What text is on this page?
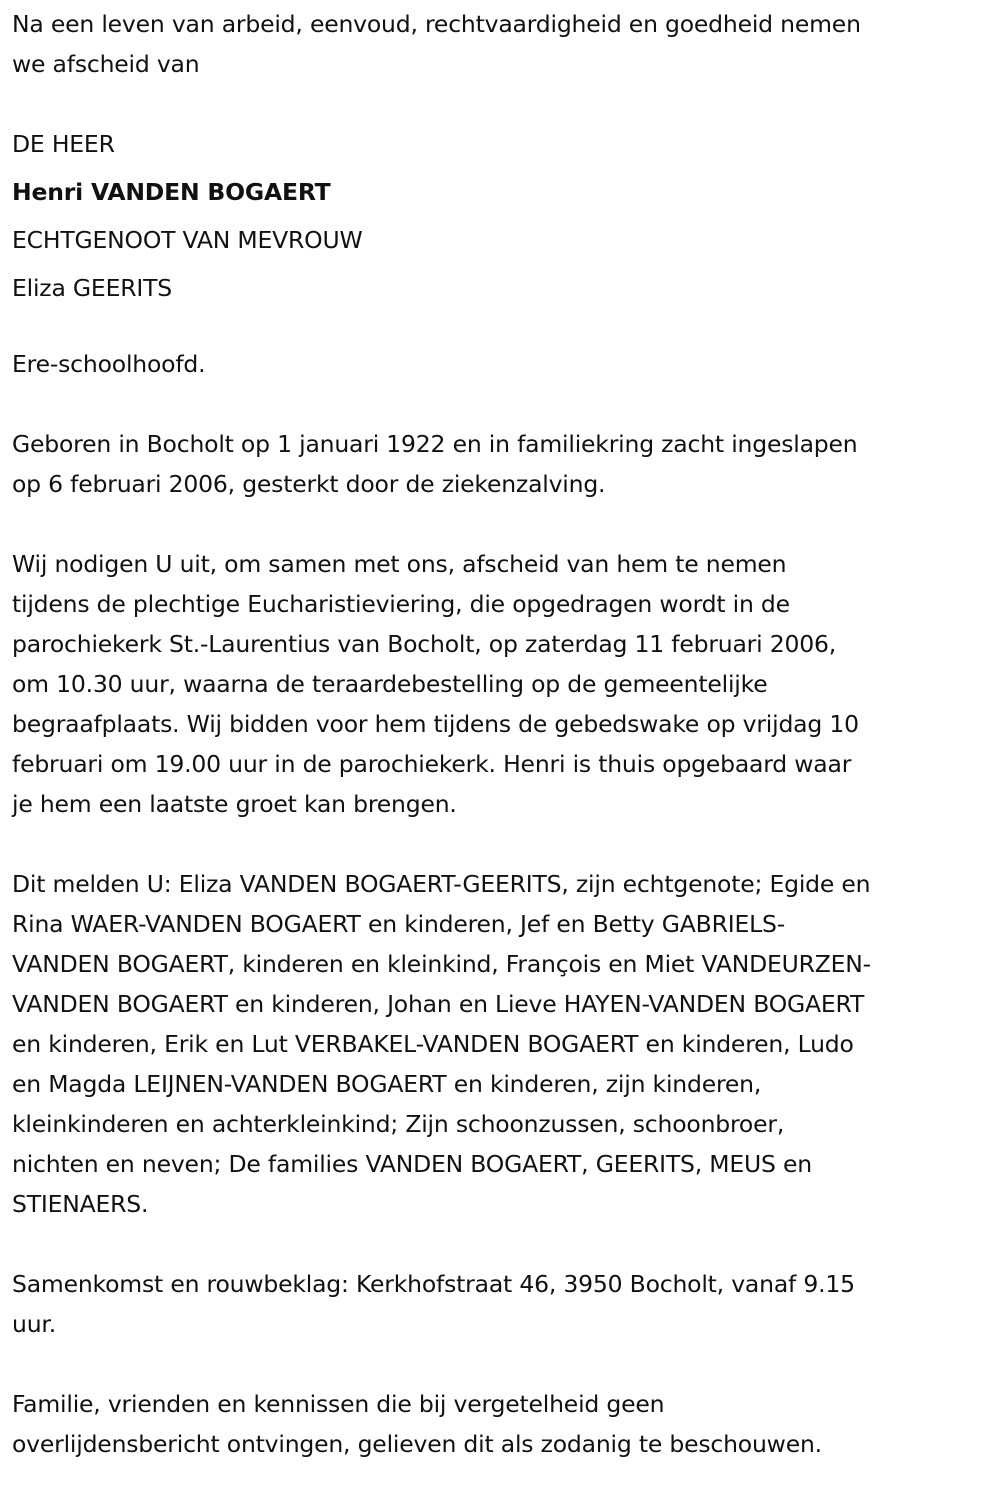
Na een leven van arbeid, eenvoud, rechtvaardigheid en goedheid nemen
we afscheid van

DE HEER

Henri VANDEN BOGAERT

ECHTGENOOT VAN MEVROUW

Eliza GEERITS

Ere-schoolhoofd.

Geboren in Bocholt op 1 januari 1922 en in familiekring zacht ingeslapen
op 6 februari 2006, gesterkt door de ziekenzalving.

Wij nodigen U uit, om samen met ons, afscheid van hem te nemen
tijdens de plechtige Eucharistieviering, die opgedragen wordt in de
parochiekerk St.-Laurentius van Bocholt, op zaterdag 11 februari 2006,
om 10.30 uur, waarna de teraardebestelling op de gemeentelijke
begraafplaats. Wij bidden voor hem tijdens de gebedswake op vrijdag 10
februari om 19.00 uur in de parochiekerk. Henri is thuis opgebaard waar
je hem een laatste groet kan brengen.

Dit melden U: Eliza VANDEN BOGAERT-GEERITS, zijn echtgenote; Egide en
Rina WAER-VANDEN BOGAERT en kinderen, Jef en Betty GABRIELS-
VANDEN BOGAERT, kinderen en kleinkind, François en Miet VANDEURZEN-
VANDEN BOGAERT en kinderen, Johan en Lieve HAYEN-VANDEN BOGAERT
en kinderen, Erik en Lut VERBAKEL-VANDEN BOGAERT en kinderen, Ludo
en Magda LEIJNEN-VANDEN BOGAERT en kinderen, zijn kinderen,
kleinkinderen en achterkleinkind; Zijn schoonzussen, schoonbroer,
nichten en neven; De families VANDEN BOGAERT, GEERITS, MEUS en
STIENAERS.

Samenkomst en rouwbeklag: Kerkhofstraat 46, 3950 Bocholt, vanaf 9.15
uur.

Familie, vrienden en kennissen die bij vergetelheid geen
overlijdensbericht ontvingen, gelieven dit als zodanig te beschouwen.
